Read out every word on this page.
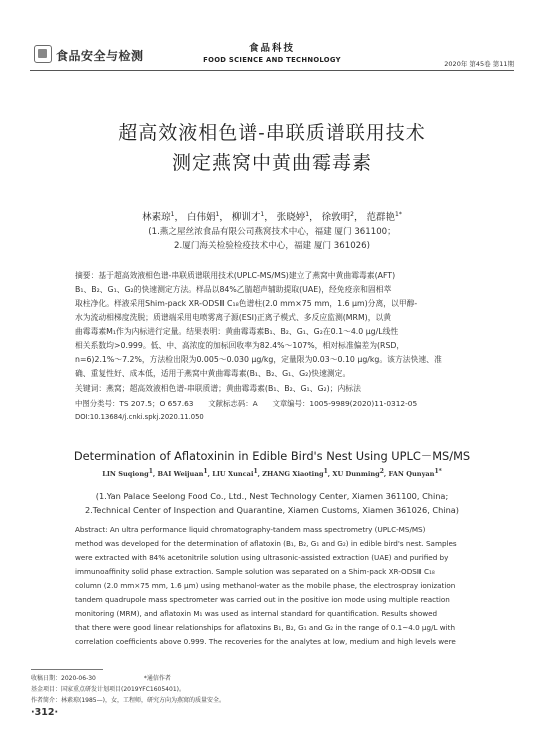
食品安全与检测
食品科技
FOOD SCIENCE AND TECHNOLOGY	2020年 第45卷 第11期
超高效液相色谱-串联质谱联用技术
测定燕窝中黄曲霉毒素
林素琼$^1$， 白伟娟$^1$， 柳训才$^1$， 张晓婷$^1$， 徐敦明$^2$， 范群艳$^{1*}$
(1.燕之屋丝浓食品有限公司燕窝技术中心，福建 厦门 361100；
2.厦门海关检验检疫技术中心，福建 厦门 361026)
摘要：基于超高效液相色谱-串联质谱联用技术(UPLC-MS/MS)建立了燕窝中黄曲霉毒素(AFT)
B₁、B₂、G₁、G₂的快速测定方法。样品以84%乙腈超声辅助提取(UAE)，经免疫亲和固相萃
取柱净化。样液采用Shim-pack XR-ODSⅢ C₁₈色谱柱(2.0 mm×75 mm，1.6 μm)分离，以甲醇-
水为流动相梯度洗脱；质谱端采用电喷雾离子源(ESI)正离子模式、多反应监测(MRM)，以黄
曲霉毒素M₁作为内标进行定量。结果表明：黄曲霉毒素B₁、B₂、G₁、G₂在0.1～4.0 μg/L线性
相关系数均>0.999。低、中、高浓度的加标回收率为82.4%～107%，相对标准偏差为(RSD，
n=6)2.1%～7.2%，方法检出限为0.005～0.030 μg/kg，定量限为0.03～0.10 μg/kg。该方法快速、准
确、重复性好、成本低，适用于燕窝中黄曲霉毒素(B₁、B₂、G₁、G₂)快速测定。
关键词：燕窝；超高效液相色谱-串联质谱；黄曲霉毒素(B₁、B₂、G₁、G₂)；内标法
中图分类号：TS 207.5；O 657.63　　文献标志码：A　　文章编号：1005-9989(2020)11-0312-05
DOI:10.13684/j.cnki.spkj.2020.11.050
Determination of Aflatoxinin in Edible Bird's Nest Using UPLC－MS/MS
LIN Suqiong$^1$, BAI Weijuan$^1$, LIU Xuncai$^1$, ZHANG Xiaoting$^1$, XU Dunming$^2$, FAN Qunyan$^{1*}$
(1.Yan Palace Seelong Food Co., Ltd., Nest Technology Center, Xiamen 361100, China;
2.Technical Center of Inspection and Quarantine, Xiamen Customs, Xiamen 361026, China)
Abstract: An ultra performance liquid chromatography-tandem mass spectrometry (UPLC-MS/MS)
method was developed for the determination of aflatoxin (B₁, B₂, G₁ and G₂) in edible bird's nest. Samples
were extracted with 84% acetonitrile solution using ultrasonic-assisted extraction (UAE) and purified by
immunoaffinity solid phase extraction. Sample solution was separated on a Shim-pack XR-ODSⅢ C₁₈
column (2.0 mm×75 mm, 1.6 μm) using methanol-water as the mobile phase, the electrospray ionization
tandem quadrupole mass spectrometer was carried out in the positive ion mode using multiple reaction
monitoring (MRM), and aflatoxin M₁ was used as internal standard for quantification. Results showed
that there were good linear relationships for aflatoxins B₁, B₂, G₁ and G₂ in the range of 0.1~4.0 μg/L with
correlation coefficients above 0.999. The recoveries for the analytes at low, medium and high levels were
收稿日期：2020-06-30　　　　　　　　*通信作者
基金项目：国家重点研发计划项目(2019YFC1605401)。
作者简介：林素琼(1985—)，女，工程师，研究方向为燕窝的质量安全。
·312·
